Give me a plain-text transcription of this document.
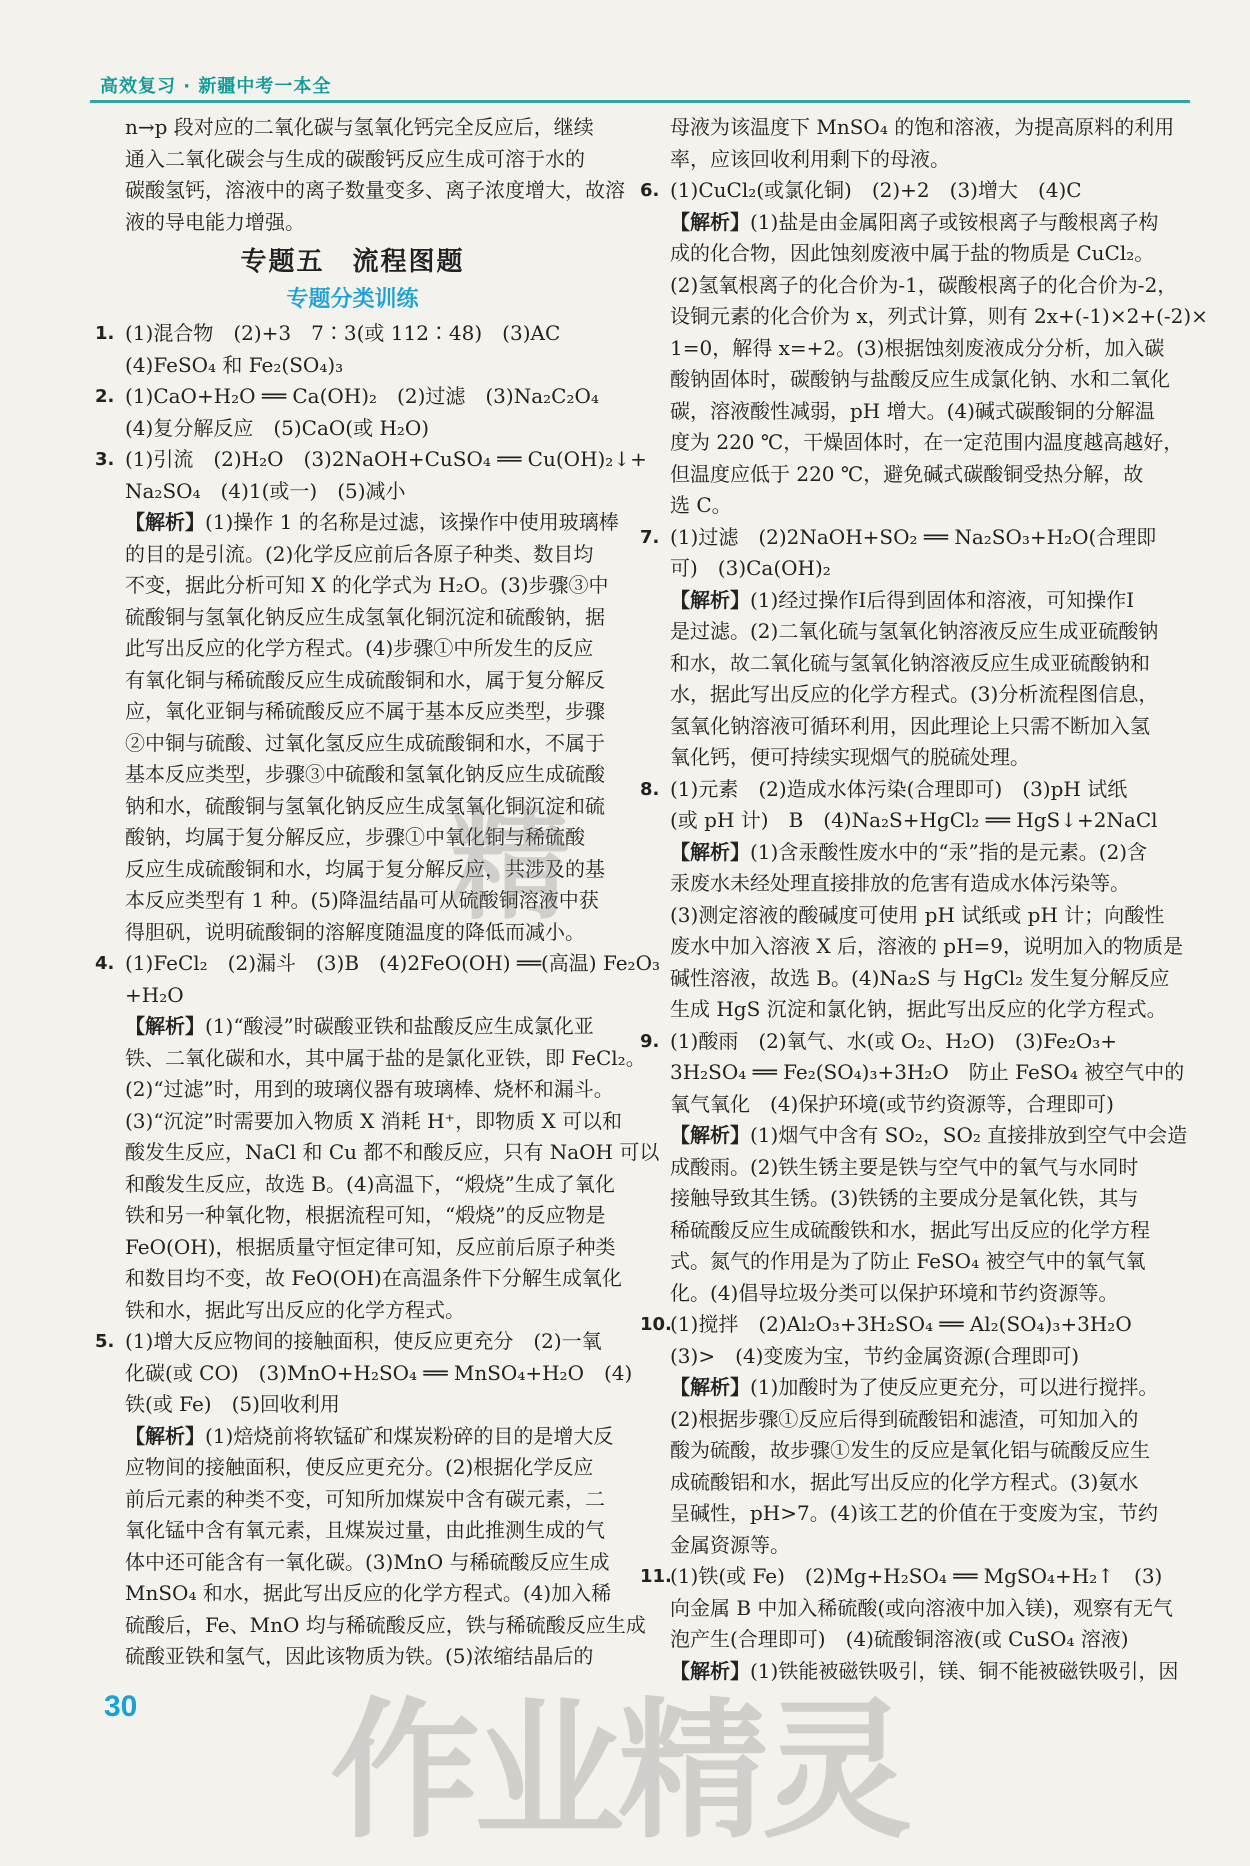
高效复习 · 新疆中考一本全
n→p 段对应的二氧化碳与氢氧化钙完全反应后，继续
通入二氧化碳会与生成的碳酸钙反应生成可溶于水的
碳酸氢钙，溶液中的离子数量变多、离子浓度增大，故溶
液的导电能力增强。
专题五　流程图题
专题分类训练
1. (1)混合物　(2)+3　7∶3(或 112∶48)　(3)AC
(4)FeSO₄ 和 Fe₂(SO₄)₃
2. (1)CaO+H₂O ══ Ca(OH)₂　(2)过滤　(3)Na₂C₂O₄
(4)复分解反应　(5)CaO(或 H₂O)
3. (1)引流　(2)H₂O　(3)2NaOH+CuSO₄ ══ Cu(OH)₂↓+
Na₂SO₄　(4)1(或一)　(5)减小
【解析】(1)操作 1 的名称是过滤，该操作中使用玻璃棒
的目的是引流。(2)化学反应前后各原子种类、数目均
不变，据此分析可知 X 的化学式为 H₂O。(3)步骤③中
硫酸铜与氢氧化钠反应生成氢氧化铜沉淀和硫酸钠，据
此写出反应的化学方程式。(4)步骤①中所发生的反应
有氧化铜与稀硫酸反应生成硫酸铜和水，属于复分解反
应，氧化亚铜与稀硫酸反应不属于基本反应类型，步骤
②中铜与硫酸、过氧化氢反应生成硫酸铜和水，不属于
基本反应类型，步骤③中硫酸和氢氧化钠反应生成硫酸
钠和水，硫酸铜与氢氧化钠反应生成氢氧化铜沉淀和硫
酸钠，均属于复分解反应，步骤①中氧化铜与稀硫酸
反应生成硫酸铜和水，均属于复分解反应，共涉及的基
本反应类型有 1 种。(5)降温结晶可从硫酸铜溶液中获
得胆矾，说明硫酸铜的溶解度随温度的降低而减小。
4. (1)FeCl₂　(2)漏斗　(3)B　(4)2FeO(OH) ══(高温) Fe₂O₃
+H₂O
【解析】(1)“酸浸”时碳酸亚铁和盐酸反应生成氯化亚
铁、二氧化碳和水，其中属于盐的是氯化亚铁，即 FeCl₂。
(2)“过滤”时，用到的玻璃仪器有玻璃棒、烧杯和漏斗。
(3)“沉淀”时需要加入物质 X 消耗 H⁺，即物质 X 可以和
酸发生反应，NaCl 和 Cu 都不和酸反应，只有 NaOH 可以
和酸发生反应，故选 B。(4)高温下，“煅烧”生成了氧化
铁和另一种氧化物，根据流程可知，“煅烧”的反应物是
FeO(OH)，根据质量守恒定律可知，反应前后原子种类
和数目均不变，故 FeO(OH)在高温条件下分解生成氧化
铁和水，据此写出反应的化学方程式。
5. (1)增大反应物间的接触面积，使反应更充分　(2)一氧
化碳(或 CO)　(3)MnO+H₂SO₄ ══ MnSO₄+H₂O　(4)
铁(或 Fe)　(5)回收利用
【解析】(1)焙烧前将软锰矿和煤炭粉碎的目的是增大反
应物间的接触面积，使反应更充分。(2)根据化学反应
前后元素的种类不变，可知所加煤炭中含有碳元素，二
氧化锰中含有氧元素，且煤炭过量，由此推测生成的气
体中还可能含有一氧化碳。(3)MnO 与稀硫酸反应生成
MnSO₄ 和水，据此写出反应的化学方程式。(4)加入稀
硫酸后，Fe、MnO 均与稀硫酸反应，铁与稀硫酸反应生成
硫酸亚铁和氢气，因此该物质为铁。(5)浓缩结晶后的
母液为该温度下 MnSO₄ 的饱和溶液，为提高原料的利用
率，应该回收利用剩下的母液。
6. (1)CuCl₂(或氯化铜)　(2)+2　(3)增大　(4)C
【解析】(1)盐是由金属阳离子或铵根离子与酸根离子构
成的化合物，因此蚀刻废液中属于盐的物质是 CuCl₂。
(2)氢氧根离子的化合价为-1，碳酸根离子的化合价为-2，
设铜元素的化合价为 x，列式计算，则有 2x+(-1)×2+(-2)×
1=0，解得 x=+2。(3)根据蚀刻废液成分分析，加入碳
酸钠固体时，碳酸钠与盐酸反应生成氯化钠、水和二氧化
碳，溶液酸性减弱，pH 增大。(4)碱式碳酸铜的分解温
度为 220 ℃，干燥固体时，在一定范围内温度越高越好，
但温度应低于 220 ℃，避免碱式碳酸铜受热分解，故
选 C。
7. (1)过滤　(2)2NaOH+SO₂ ══ Na₂SO₃+H₂O(合理即
可)　(3)Ca(OH)₂
【解析】(1)经过操作Ⅰ后得到固体和溶液，可知操作Ⅰ
是过滤。(2)二氧化硫与氢氧化钠溶液反应生成亚硫酸钠
和水，故二氧化硫与氢氧化钠溶液反应生成亚硫酸钠和
水，据此写出反应的化学方程式。(3)分析流程图信息，
氢氧化钠溶液可循环利用，因此理论上只需不断加入氢
氧化钙，便可持续实现烟气的脱硫处理。
8. (1)元素　(2)造成水体污染(合理即可)　(3)pH 试纸
(或 pH 计)　B　(4)Na₂S+HgCl₂ ══ HgS↓+2NaCl
【解析】(1)含汞酸性废水中的“汞”指的是元素。(2)含
汞废水未经处理直接排放的危害有造成水体污染等。
(3)测定溶液的酸碱度可使用 pH 试纸或 pH 计；向酸性
废水中加入溶液 X 后，溶液的 pH=9，说明加入的物质是
碱性溶液，故选 B。(4)Na₂S 与 HgCl₂ 发生复分解反应
生成 HgS 沉淀和氯化钠，据此写出反应的化学方程式。
9. (1)酸雨　(2)氧气、水(或 O₂、H₂O)　(3)Fe₂O₃+
3H₂SO₄ ══ Fe₂(SO₄)₃+3H₂O　防止 FeSO₄ 被空气中的
氧气氧化　(4)保护环境(或节约资源等，合理即可)
【解析】(1)烟气中含有 SO₂，SO₂ 直接排放到空气中会造
成酸雨。(2)铁生锈主要是铁与空气中的氧气与水同时
接触导致其生锈。(3)铁锈的主要成分是氧化铁，其与
稀硫酸反应生成硫酸铁和水，据此写出反应的化学方程
式。氮气的作用是为了防止 FeSO₄ 被空气中的氧气氧
化。(4)倡导垃圾分类可以保护环境和节约资源等。
10.
(1)搅拌　(2)Al₂O₃+3H₂SO₄ ══ Al₂(SO₄)₃+3H₂O
(3)>　(4)变废为宝，节约金属资源(合理即可)
【解析】(1)加酸时为了使反应更充分，可以进行搅拌。
(2)根据步骤①反应后得到硫酸铝和滤渣，可知加入的
酸为硫酸，故步骤①发生的反应是氧化铝与硫酸反应生
成硫酸铝和水，据此写出反应的化学方程式。(3)氨水
呈碱性，pH>7。(4)该工艺的价值在于变废为宝，节约
金属资源等。
11.
(1)铁(或 Fe)　(2)Mg+H₂SO₄ ══ MgSO₄+H₂↑　(3)
向金属 B 中加入稀硫酸(或向溶液中加入镁)，观察有无气
泡产生(合理即可)　(4)硫酸铜溶液(或 CuSO₄ 溶液)
【解析】(1)铁能被磁铁吸引，镁、铜不能被磁铁吸引，因
30
精
作业精灵
